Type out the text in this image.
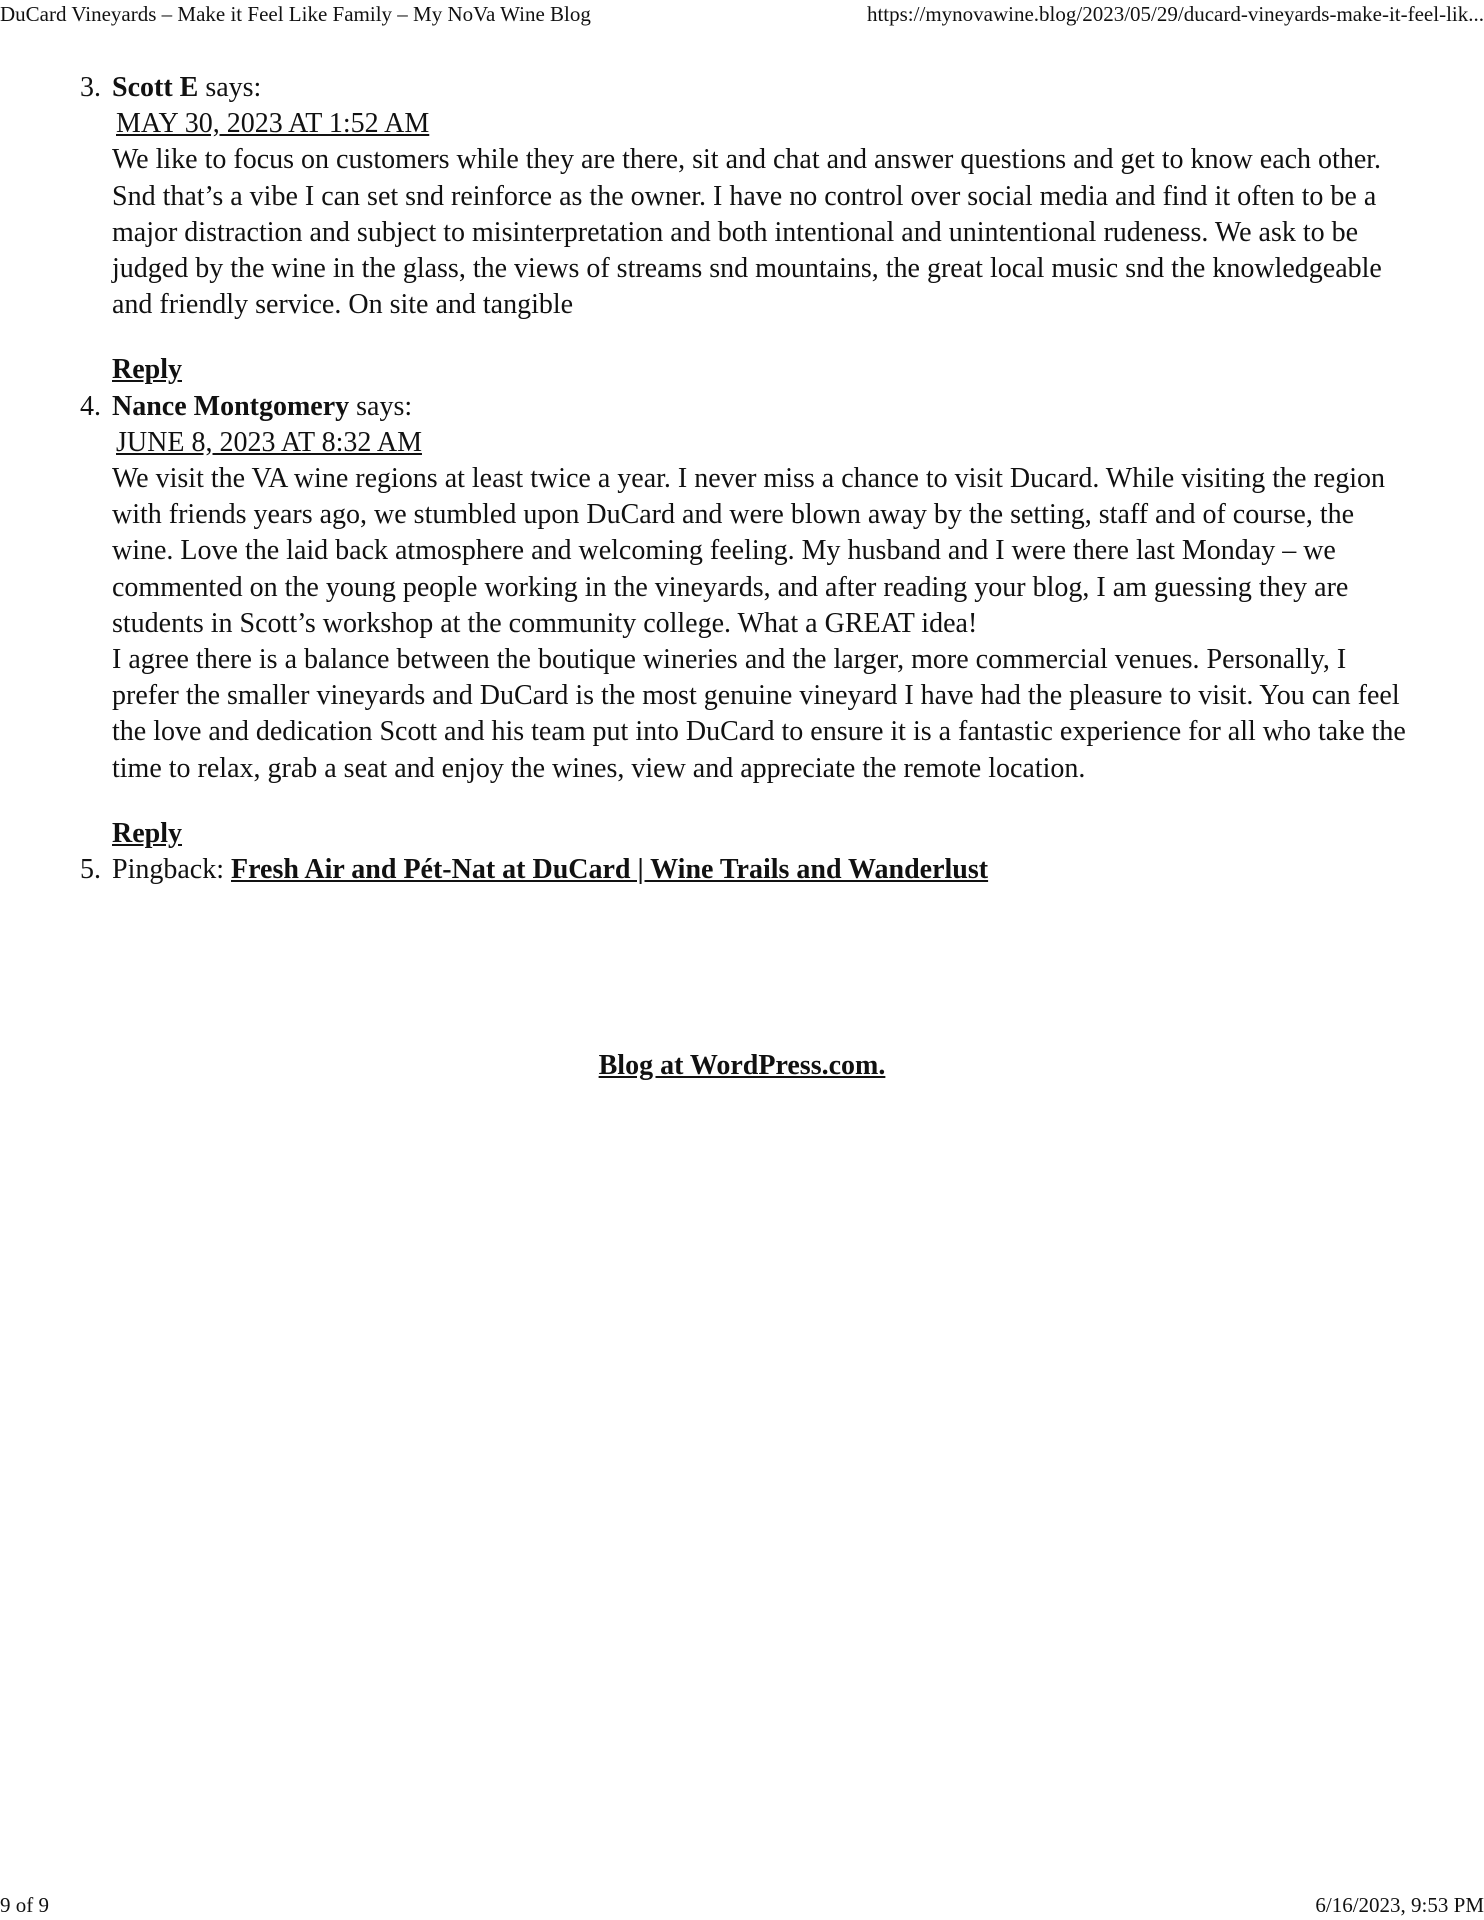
DuCard Vineyards – Make it Feel Like Family – My NoVa Wine Blog	https://mynovawine.blog/2023/05/29/ducard-vineyards-make-it-feel-lik...
3. Scott E says:
MAY 30, 2023 AT 1:52 AM

We like to focus on customers while they are there, sit and chat and answer questions and get to know each other. Snd that’s a vibe I can set snd reinforce as the owner. I have no control over social media and find it often to be a major distraction and subject to misinterpretation and both intentional and unintentional rudeness. We ask to be judged by the wine in the glass, the views of streams snd mountains, the great local music snd the knowledgeable and friendly service. On site and tangible

Reply
4. Nance Montgomery says:
JUNE 8, 2023 AT 8:32 AM

We visit the VA wine regions at least twice a year. I never miss a chance to visit Ducard. While visiting the region with friends years ago, we stumbled upon DuCard and were blown away by the setting, staff and of course, the wine. Love the laid back atmosphere and welcoming feeling. My husband and I were there last Monday – we commented on the young people working in the vineyards, and after reading your blog, I am guessing they are students in Scott’s workshop at the community college. What a GREAT idea!

I agree there is a balance between the boutique wineries and the larger, more commercial venues. Personally, I prefer the smaller vineyards and DuCard is the most genuine vineyard I have had the pleasure to visit. You can feel the love and dedication Scott and his team put into DuCard to ensure it is a fantastic experience for all who take the time to relax, grab a seat and enjoy the wines, view and appreciate the remote location.

Reply
5. Pingback: Fresh Air and Pét-Nat at DuCard | Wine Trails and Wanderlust
Blog at WordPress.com.
9 of 9	6/16/2023, 9:53 PM
